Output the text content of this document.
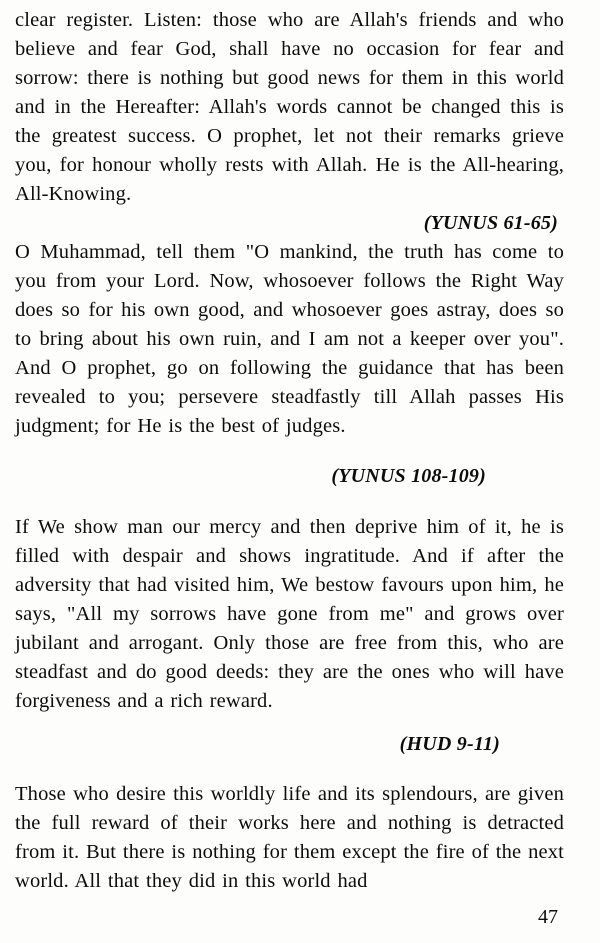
clear register. Listen: those who are Allah's friends and who believe and fear God, shall have no occasion for fear and sorrow: there is nothing but good news for them in this world and in the Hereafter: Allah's words cannot be changed this is the greatest success. O prophet, let not their remarks grieve you, for honour wholly rests with Allah. He is the All-hearing, All-Knowing.

(YUNUS 61-65)

O Muhammad, tell them "O mankind, the truth has come to you from your Lord. Now, whosoever follows the Right Way does so for his own good, and whosoever goes astray, does so to bring about his own ruin, and I am not a keeper over you". And O prophet, go on following the guidance that has been revealed to you; persevere steadfastly till Allah passes His judgment; for He is the best of judges.

(YUNUS 108-109)

If We show man our mercy and then deprive him of it, he is filled with despair and shows ingratitude. And if after the adversity that had visited him, We bestow favours upon him, he says, "All my sorrows have gone from me" and grows over jubilant and arrogant. Only those are free from this, who are steadfast and do good deeds: they are the ones who will have forgiveness and a rich reward.

(HUD 9-11)

Those who desire this worldly life and its splendours, are given the full reward of their works here and nothing is detracted from it. But there is nothing for them except the fire of the next world. All that they did in this world had

47
